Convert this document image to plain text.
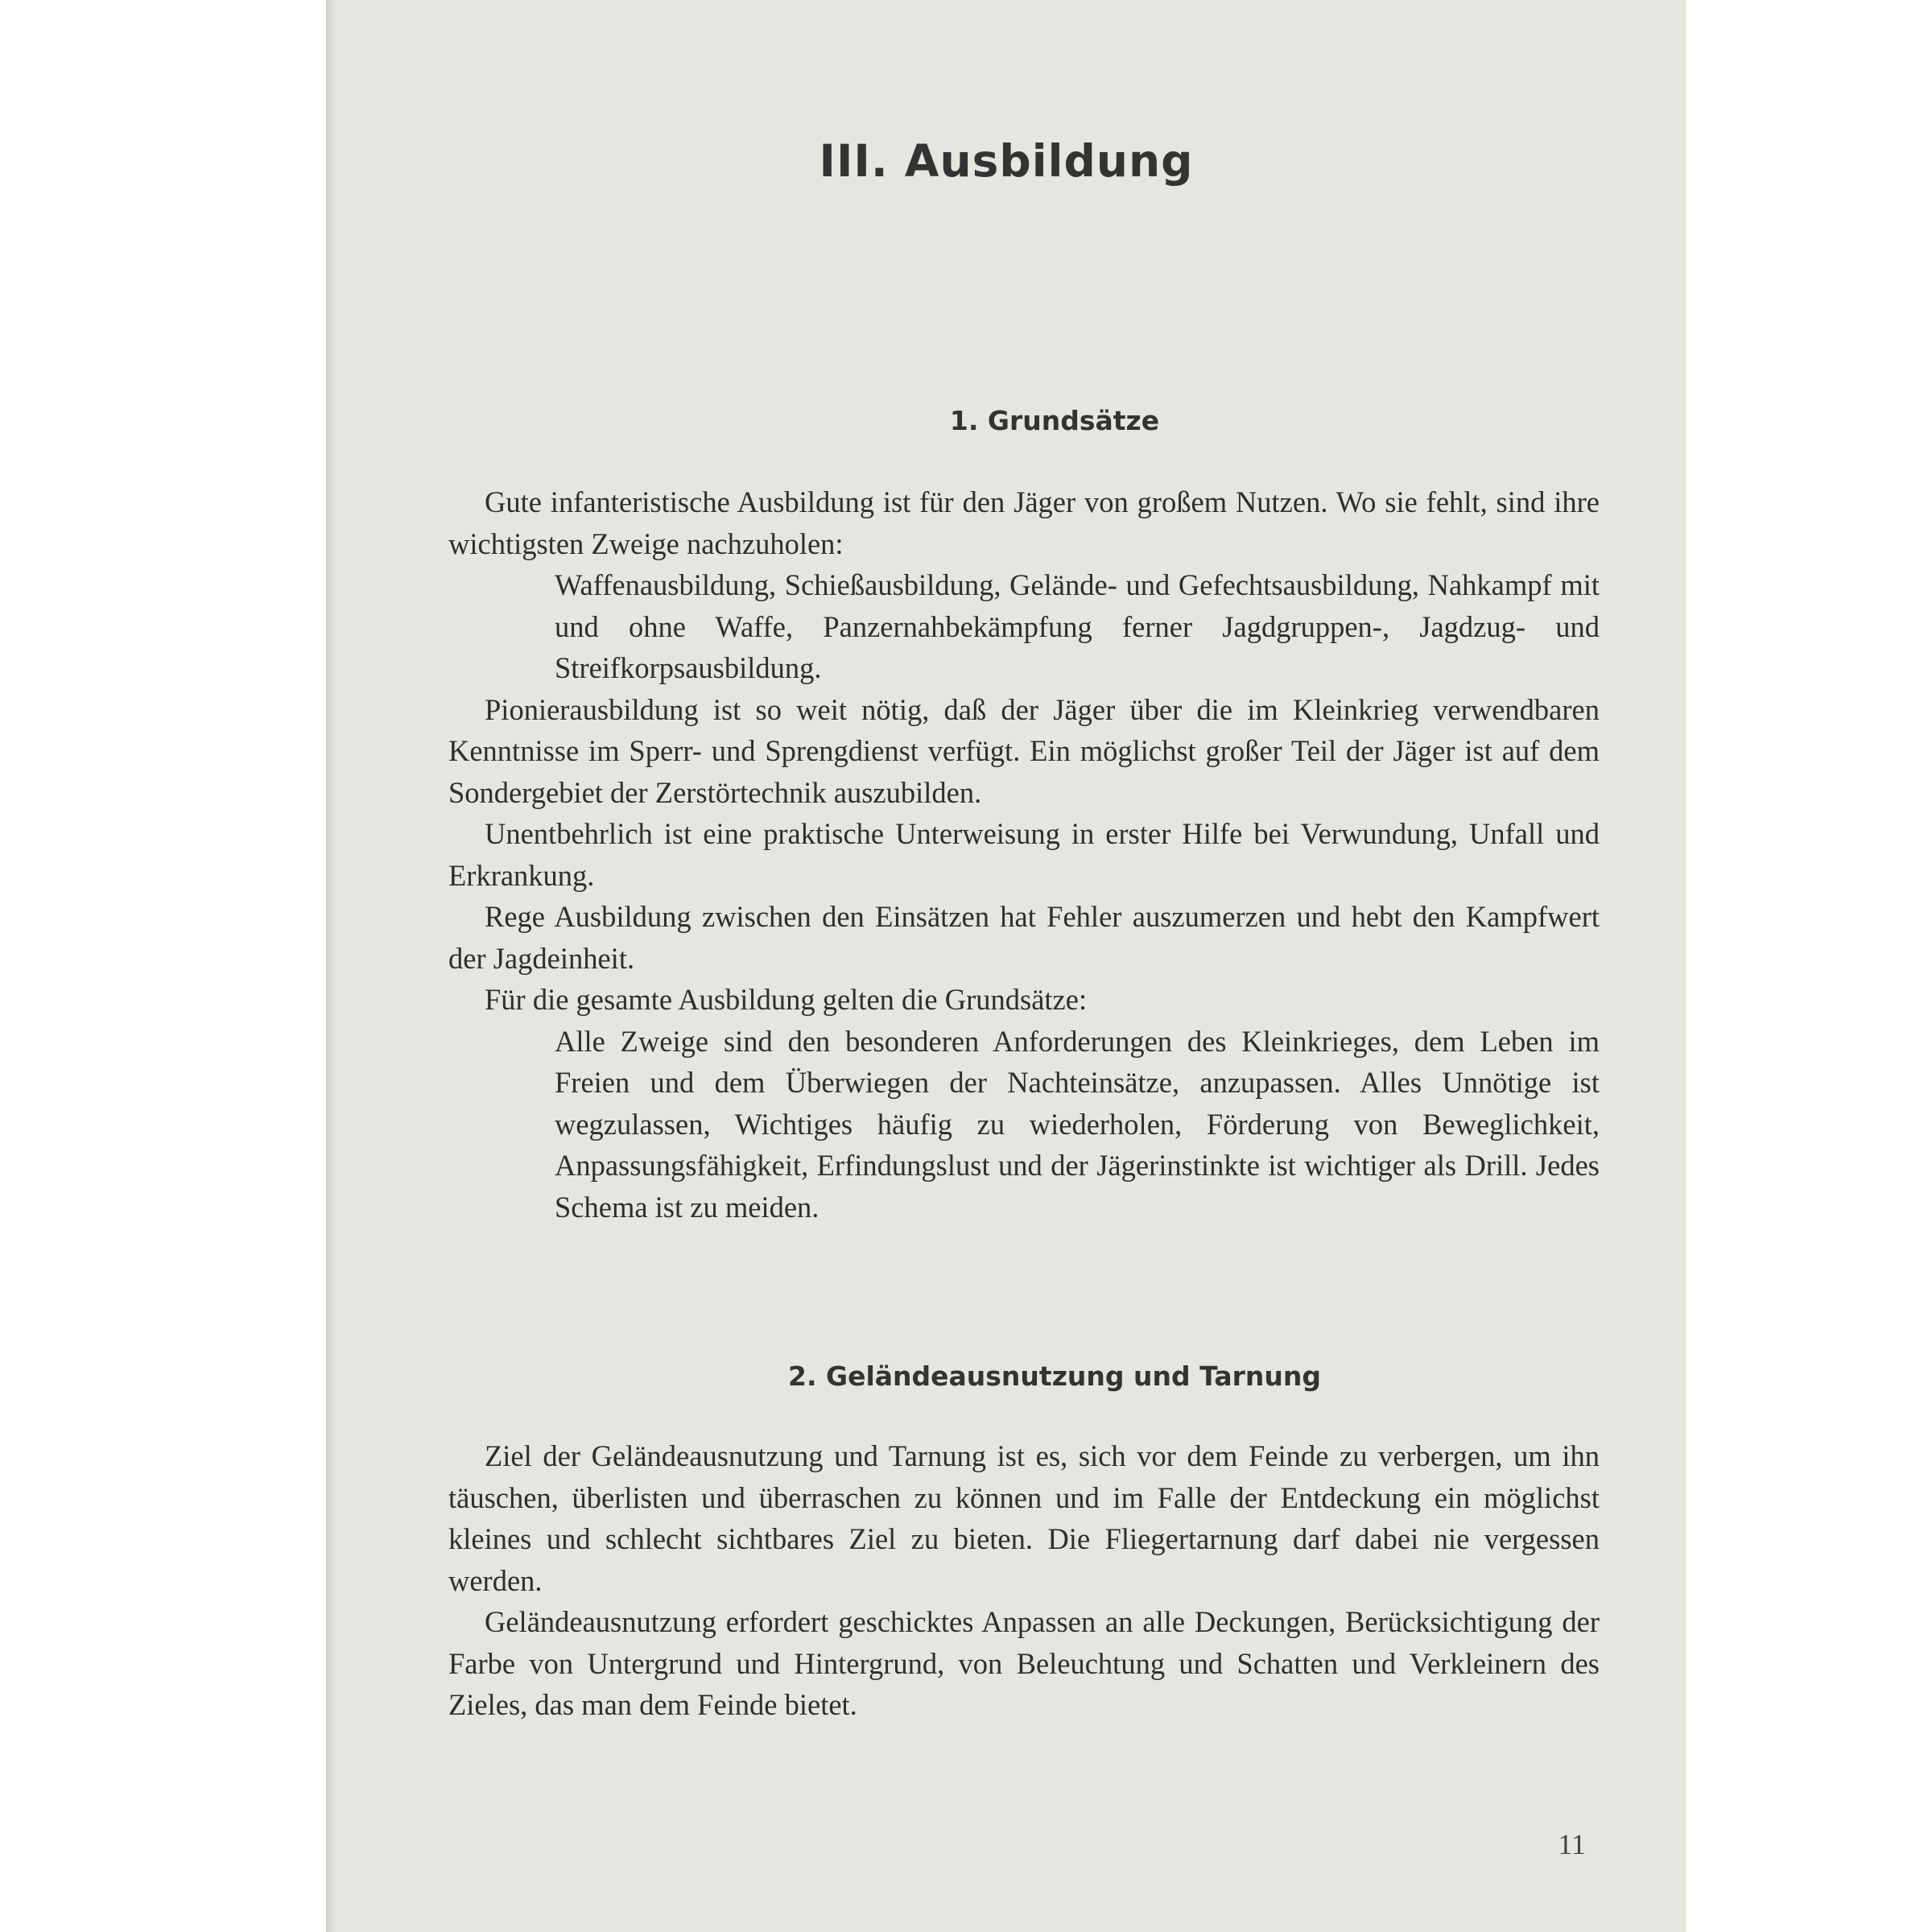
III. Ausbildung
1. Grundsätze

Gute infanteristische Ausbildung ist für den Jäger von großem Nutzen. Wo sie fehlt, sind ihre wichtigsten Zweige nachzuholen:

Waffenausbildung, Schießausbildung, Gelände- und Gefechtsausbildung, Nahkampf mit und ohne Waffe, Panzernahbekämpfung ferner Jagdgruppen-, Jagdzug- und Streifkorpsausbildung.

Pionierausbildung ist so weit nötig, daß der Jäger über die im Kleinkrieg verwendbaren Kenntnisse im Sperr- und Sprengdienst verfügt. Ein möglichst großer Teil der Jäger ist auf dem Sondergebiet der Zerstörtechnik auszubilden.

Unentbehrlich ist eine praktische Unterweisung in erster Hilfe bei Verwundung, Unfall und Erkrankung.

Rege Ausbildung zwischen den Einsätzen hat Fehler auszumerzen und hebt den Kampfwert der Jagdeinheit.

Für die gesamte Ausbildung gelten die Grundsätze:

Alle Zweige sind den besonderen Anforderungen des Kleinkrieges, dem Leben im Freien und dem Überwiegen der Nachteinsätze, anzupassen. Alles Unnötige ist wegzulassen, Wichtiges häufig zu wiederholen, Förderung von Beweglichkeit, Anpassungsfähigkeit, Erfindungslust und der Jägerinstinkte ist wichtiger als Drill. Jedes Schema ist zu meiden.

2. Geländeausnutzung und Tarnung

Ziel der Geländeausnutzung und Tarnung ist es, sich vor dem Feinde zu verbergen, um ihn täuschen, überlisten und überraschen zu können und im Falle der Entdeckung ein möglichst kleines und schlecht sichtbares Ziel zu bieten. Die Fliegertarnung darf dabei nie vergessen werden.

Geländeausnutzung erfordert geschicktes Anpassen an alle Deckungen, Berücksichtigung der Farbe von Untergrund und Hintergrund, von Beleuchtung und Schatten und Verkleinern des Zieles, das man dem Feinde bietet.

11
